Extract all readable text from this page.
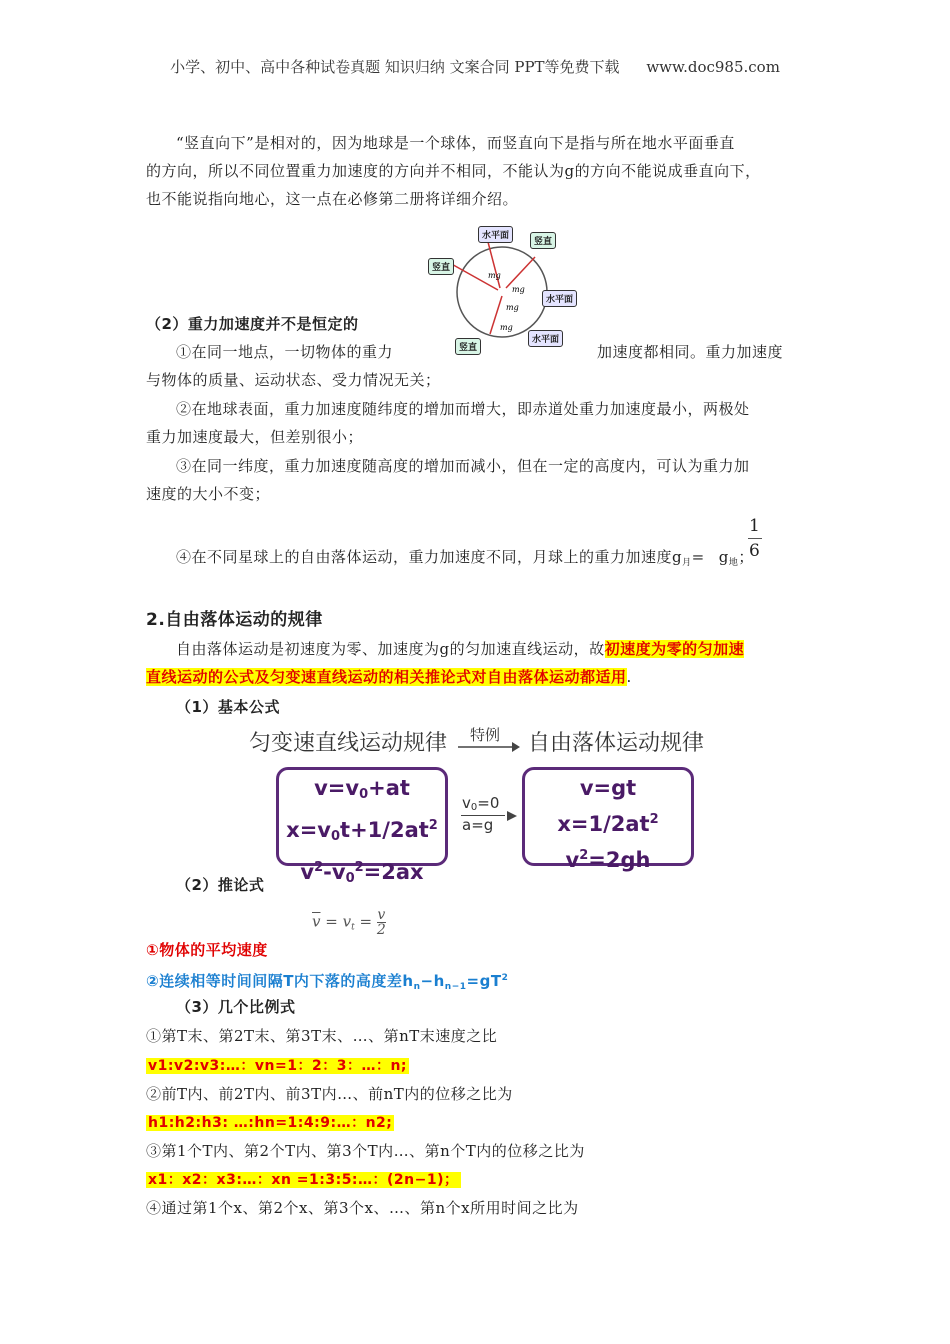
小学、初中、高中各种试卷真题 知识归纳 文案合同 PPT等免费下载 www.doc985.com
“竖直向下”是相对的，因为地球是一个球体，而竖直向下是指与所在地水平面垂直
的方向，所以不同位置重力加速度的方向并不相同，不能认为g的方向不能说成垂直向下，
也不能说指向地心，这一点在必修第二册将详细介绍。
mg
mg
mg
mg
水平面
竖直
竖直
水平面
竖直
水平面
（2）重力加速度并不是恒定的
①在同一地点，一切物体的重力	加速度都相同。重力加速度
与物体的质量、运动状态、受力情况无关；
②在地球表面，重力加速度随纬度的增加而增大，即赤道处重力加速度最小，两极处
重力加速度最大，但差别很小；
③在同一纬度，重力加速度随高度的增加而减小，但在一定的高度内，可认为重力加
速度的大小不变；
④在不同星球上的自由落体运动，重力加速度不同，月球上的重力加速度$g_月= g_地$；
1
6
2.自由落体运动的规律
自由落体运动是初速度为零、加速度为g的匀加速直线运动，故初速度为零的匀加速
直线运动的公式及匀变速直线运动的相关推论式对自由落体运动都适用.
（1）基本公式
匀变速直线运动规律 特例 自由落体运动规律
v=v0+at
$x=v0t+1/2at^2$
$v^2-v0^2=2ax$
v0=0
a=g
v=gt
$x=1/2at^2$
$v^2=2gh$
（2）推论式
$\overline{v} = v_t = \frac{v}{2}$
①物体的平均速度
②连续相等时间间隔T内下落的高度差$h_n-h_{n-1}=gT^2$
（3）几个比例式
①第T末、第2T末、第3T末、…、第nT末速度之比
v1:v2:v3:…：vn=1：2：3：…：n;
②前T内、前2T内、前3T内…、前nT内的位移之比为
h1:h2:h3: …:hn=1:4:9:…：n2;
③第1个T内、第2个T内、第3个T内…、第n个T内的位移之比为
x1：x2：x3:…：xn =1:3:5:…：(2n−1)；
④通过第1个x、第2个x、第3个x、…、第n个x所用时间之比为
